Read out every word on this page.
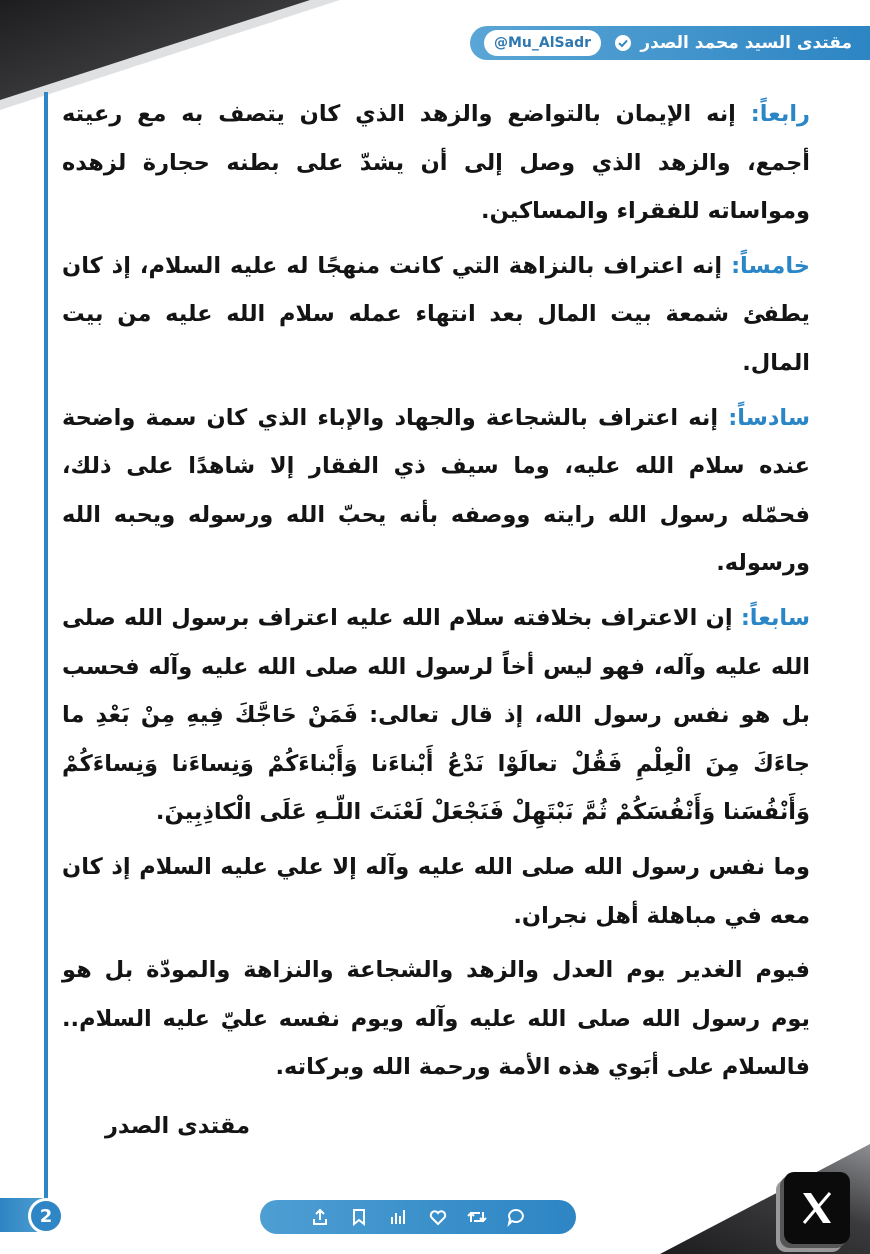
مقتدى السيد محمد الصدر
@Mu_AlSadr

رابعاً: إنه الإيمان بالتواضع والزهد الذي كان يتصف به مع رعيته أجمع، والزهد الذي وصل إلى أن يشدّ على بطنه حجارة لزهده ومواساته للفقراء والمساكين.

خامساً: إنه اعتراف بالنزاهة التي كانت منهجًا له عليه السلام، إذ كان يطفئ شمعة بيت المال بعد انتهاء عمله سلام الله عليه من بيت المال.

سادساً: إنه اعتراف بالشجاعة والجهاد والإباء الذي كان سمة واضحة عنده سلام الله عليه، وما سيف ذي الفقار إلا شاهدًا على ذلك، فحمّله رسول الله رايته ووصفه بأنه يحبّ الله ورسوله ويحبه الله ورسوله.

سابعاً: إن الاعتراف بخلافته سلام الله عليه اعتراف برسول الله صلى الله عليه وآله، فهو ليس أخاً لرسول الله صلى الله عليه وآله فحسب بل هو نفس رسول الله، إذ قال تعالى: فَمَنْ حَاجَّكَ فِيهِ مِنْ بَعْدِ ما جاءَكَ مِنَ الْعِلْمِ فَقُلْ تعالَوْا نَدْعُ أَبْناءَنا وَأَبْناءَكُمْ وَنِساءَنا وَنِساءَكُمْ وَأَنْفُسَنا وَأَنْفُسَكُمْ ثُمَّ نَبْتَهِلْ فَنَجْعَلْ لَعْنَتَ اللّـهِ عَلَى الْكاذِبِينَ.

وما نفس رسول الله صلى الله عليه وآله إلا علي عليه السلام إذ كان معه في مباهلة أهل نجران.

فيوم الغدير يوم العدل والزهد والشجاعة والنزاهة والمودّة بل هو يوم رسول الله صلى الله عليه وآله ويوم نفسه عليّ عليه السلام.. فالسلام على أبَوي هذه الأمة ورحمة الله وبركاته.

مقتدى الصدر

2
